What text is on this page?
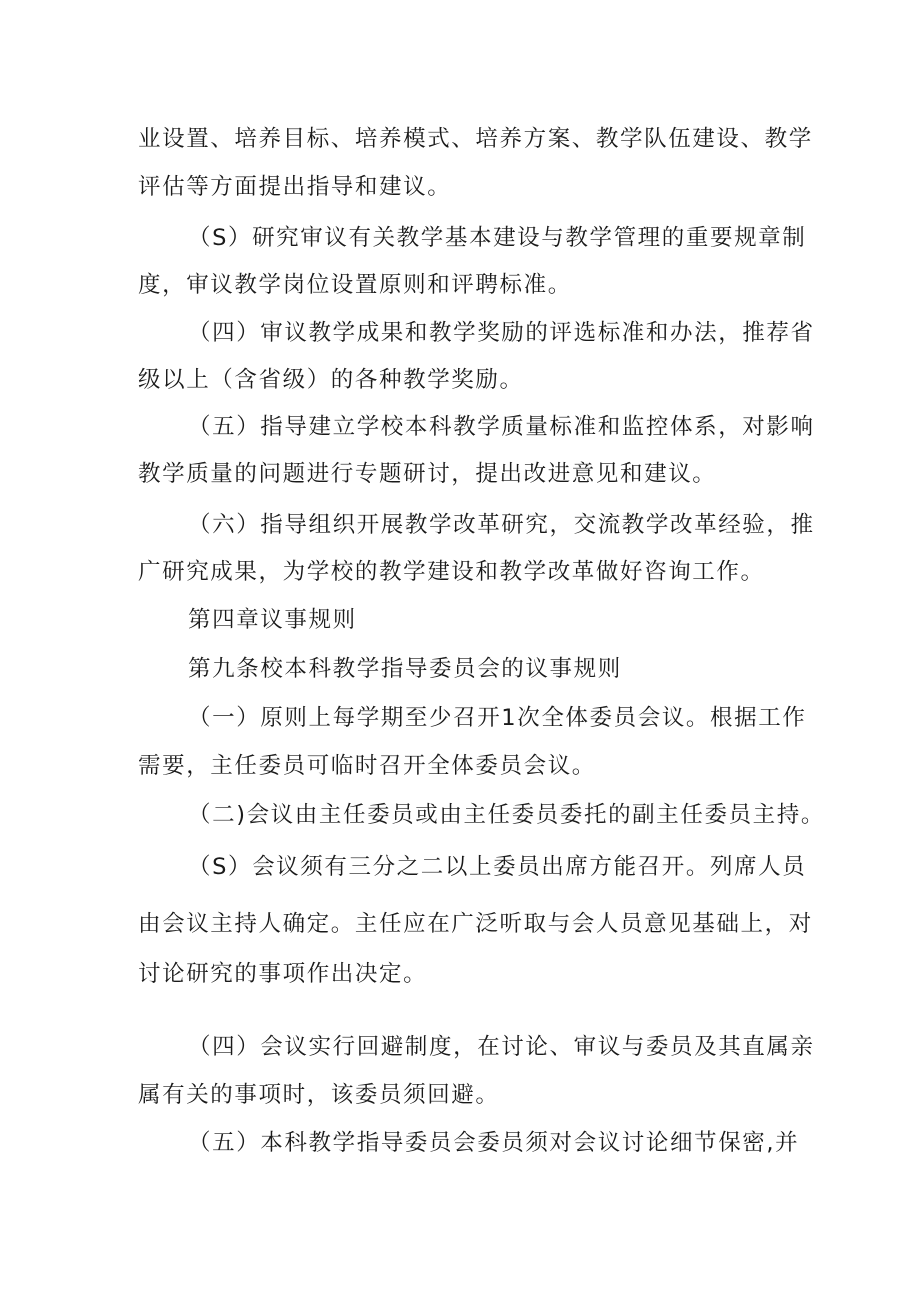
业设置、培养目标、培养模式、培养方案、教学队伍建设、教学
评估等方面提出指导和建议。
（S）研究审议有关教学基本建设与教学管理的重要规章制
度，审议教学岗位设置原则和评聘标准。
（四）审议教学成果和教学奖励的评选标准和办法，推荐省
级以上（含省级）的各种教学奖励。
（五）指导建立学校本科教学质量标准和监控体系，对影响
教学质量的问题进行专题研讨，提出改进意见和建议。
（六）指导组织开展教学改革研究，交流教学改革经验，推
广研究成果，为学校的教学建设和教学改革做好咨询工作。
第四章议事规则
第九条校本科教学指导委员会的议事规则
（一）原则上每学期至少召开1次全体委员会议。根据工作
需要，主任委员可临时召开全体委员会议。
（二)会议由主任委员或由主任委员委托的副主任委员主持。
（S）会议须有三分之二以上委员出席方能召开。列席人员
由会议主持人确定。主任应在广泛听取与会人员意见基础上，对
讨论研究的事项作出决定。
（四）会议实行回避制度，在讨论、审议与委员及其直属亲
属有关的事项时，该委员须回避。
（五）本科教学指导委员会委员须对会议讨论细节保密,并
